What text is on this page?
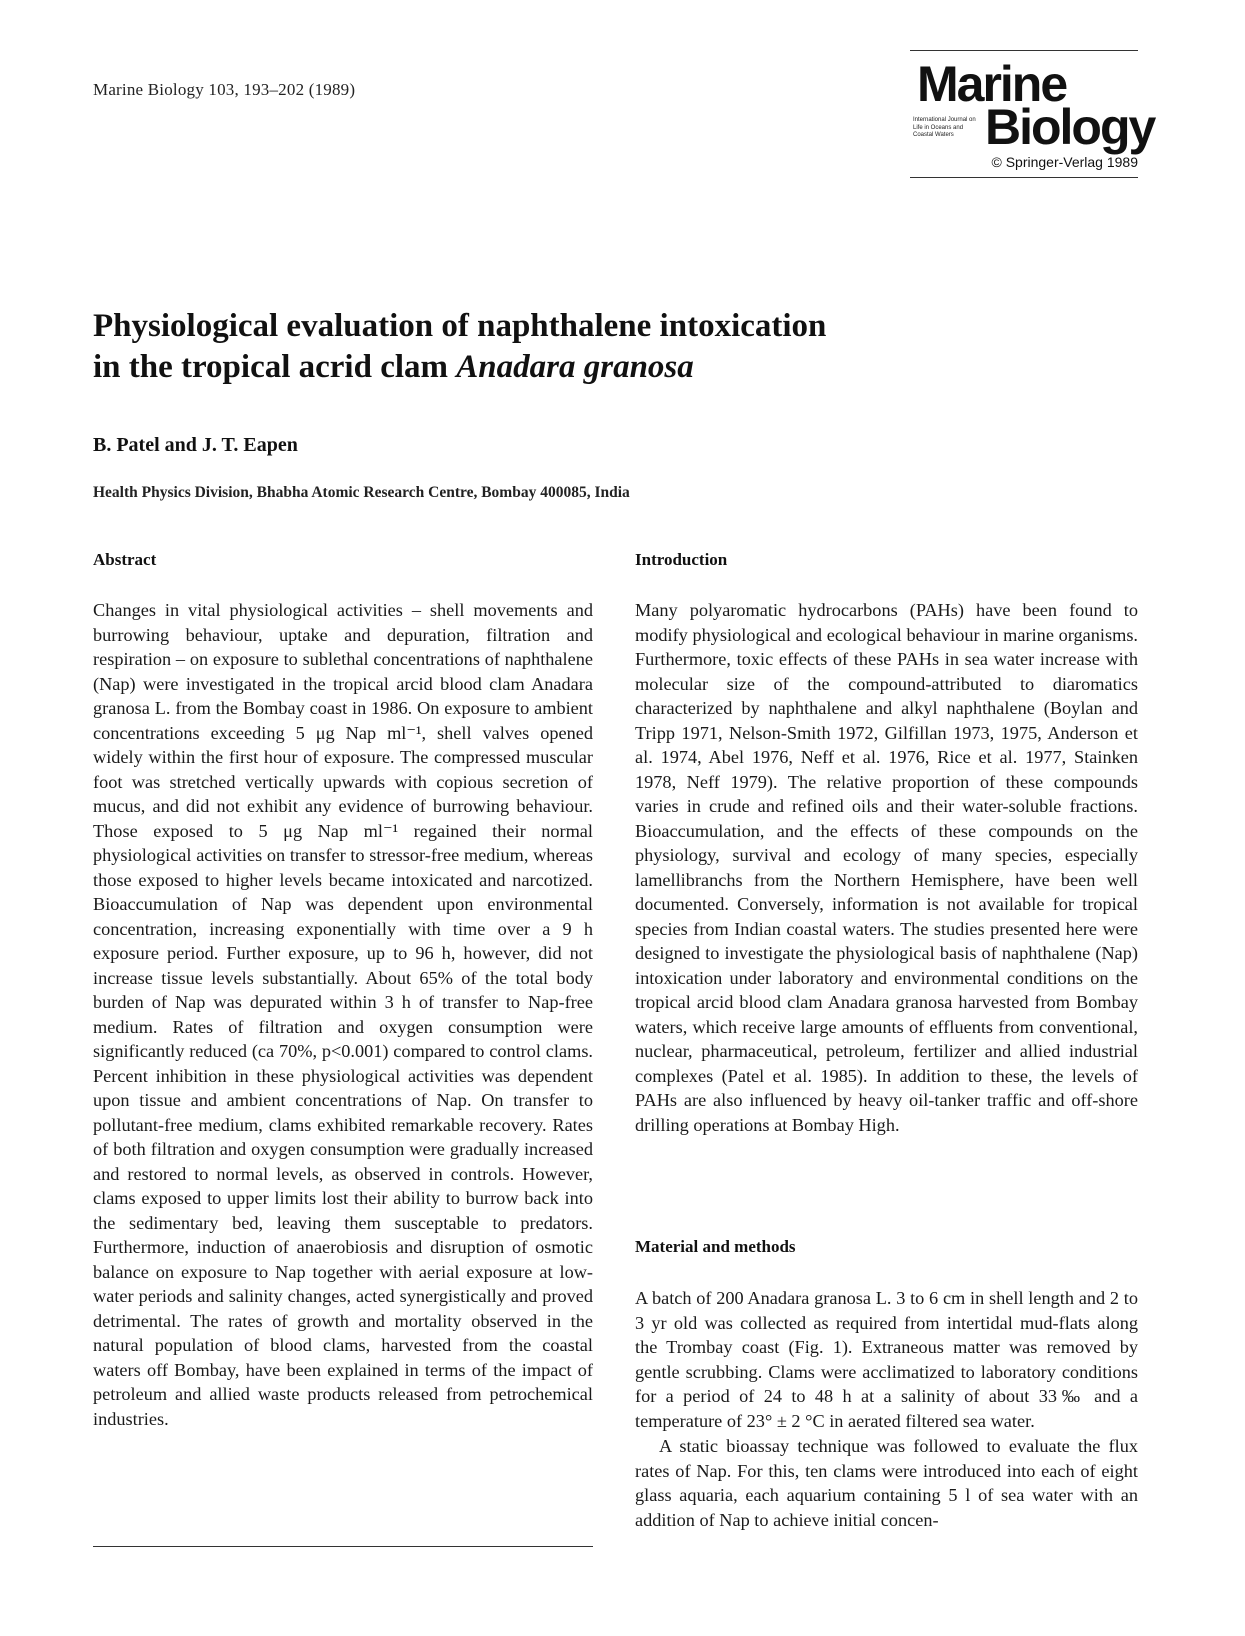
Marine Biology 103, 193–202 (1989)	Marine
International Journal on Life in Oceans and Coastal Waters Biology
© Springer-Verlag 1989
Physiological evaluation of naphthalene intoxication
in the tropical acrid clam Anadara granosa
B. Patel and J. T. Eapen
Health Physics Division, Bhabha Atomic Research Centre, Bombay 400085, India
Abstract

Changes in vital physiological activities – shell movements and burrowing behaviour, uptake and depuration, filtration and respiration – on exposure to sublethal concentrations of naphthalene (Nap) were investigated in the tropical arcid blood clam Anadara granosa L. from the Bombay coast in 1986. On exposure to ambient concentrations exceeding 5 μg Nap ml⁻¹, shell valves opened widely within the first hour of exposure. The compressed muscular foot was stretched vertically upwards with copious secretion of mucus, and did not exhibit any evidence of burrowing behaviour. Those exposed to 5 μg Nap ml⁻¹ regained their normal physiological activities on transfer to stressor-free medium, whereas those exposed to higher levels became intoxicated and narcotized. Bioaccumulation of Nap was dependent upon environmental concentration, increasing exponentially with time over a 9 h exposure period. Further exposure, up to 96 h, however, did not increase tissue levels substantially. About 65% of the total body burden of Nap was depurated within 3 h of transfer to Nap-free medium. Rates of filtration and oxygen consumption were significantly reduced (ca 70%, p<0.001) compared to control clams. Percent inhibition in these physiological activities was dependent upon tissue and ambient concentrations of Nap. On transfer to pollutant-free medium, clams exhibited remarkable recovery. Rates of both filtration and oxygen consumption were gradually increased and restored to normal levels, as observed in controls. However, clams exposed to upper limits lost their ability to burrow back into the sedimentary bed, leaving them susceptable to predators. Furthermore, induction of anaerobiosis and disruption of osmotic balance on exposure to Nap together with aerial exposure at low-water periods and salinity changes, acted synergistically and proved detrimental. The rates of growth and mortality observed in the natural population of blood clams, harvested from the coastal waters off Bombay, have been explained in terms of the impact of petroleum and allied waste products released from petrochemical industries.

Introduction

Many polyaromatic hydrocarbons (PAHs) have been found to modify physiological and ecological behaviour in marine organisms. Furthermore, toxic effects of these PAHs in sea water increase with molecular size of the compound-attributed to diaromatics characterized by naphthalene and alkyl naphthalene (Boylan and Tripp 1971, Nelson-Smith 1972, Gilfillan 1973, 1975, Anderson et al. 1974, Abel 1976, Neff et al. 1976, Rice et al. 1977, Stainken 1978, Neff 1979). The relative proportion of these compounds varies in crude and refined oils and their water-soluble fractions. Bioaccumulation, and the effects of these compounds on the physiology, survival and ecology of many species, especially lamellibranchs from the Northern Hemisphere, have been well documented. Conversely, information is not available for tropical species from Indian coastal waters. The studies presented here were designed to investigate the physiological basis of naphthalene (Nap) intoxication under laboratory and environmental conditions on the tropical arcid blood clam Anadara granosa harvested from Bombay waters, which receive large amounts of effluents from conventional, nuclear, pharmaceutical, petroleum, fertilizer and allied industrial complexes (Patel et al. 1985). In addition to these, the levels of PAHs are also influenced by heavy oil-tanker traffic and off-shore drilling operations at Bombay High.

Material and methods

A batch of 200 Anadara granosa L. 3 to 6 cm in shell length and 2 to 3 yr old was collected as required from intertidal mud-flats along the Trombay coast (Fig. 1). Extraneous matter was removed by gentle scrubbing. Clams were acclimatized to laboratory conditions for a period of 24 to 48 h at a salinity of about 33‰ and a temperature of 23° ± 2 °C in aerated filtered sea water.

A static bioassay technique was followed to evaluate the flux rates of Nap. For this, ten clams were introduced into each of eight glass aquaria, each aquarium containing 5 l of sea water with an addition of Nap to achieve initial concen-
